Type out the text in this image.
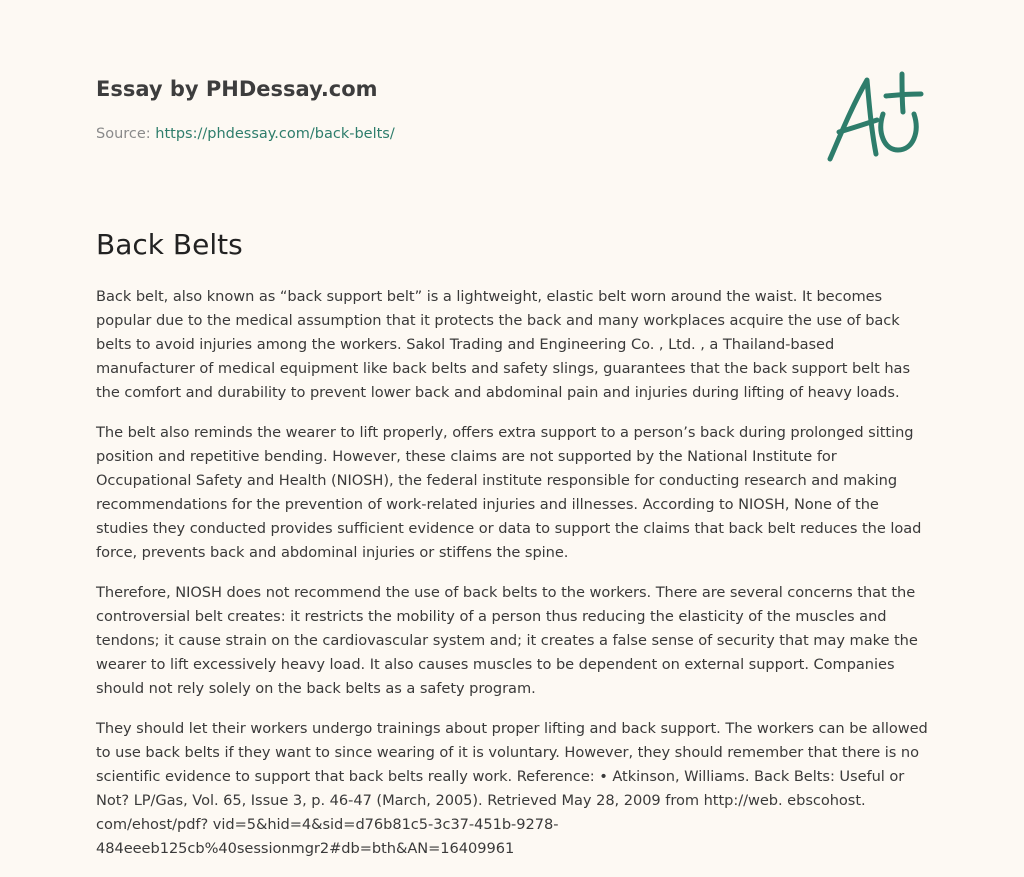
Essay by PHDessay.com
Source: https://phdessay.com/back-belts/
Back Belts

Back belt, also known as “back support belt” is a lightweight, elastic belt worn around the waist. It becomes popular due to the medical assumption that it protects the back and many workplaces acquire the use of back belts to avoid injuries among the workers. Sakol Trading and Engineering Co. , Ltd. , a Thailand-based manufacturer of medical equipment like back belts and safety slings, guarantees that the back support belt has the comfort and durability to prevent lower back and abdominal pain and injuries during lifting of heavy loads.

The belt also reminds the wearer to lift properly, offers extra support to a person’s back during prolonged sitting position and repetitive bending. However, these claims are not supported by the National Institute for Occupational Safety and Health (NIOSH), the federal institute responsible for conducting research and making recommendations for the prevention of work-related injuries and illnesses. According to NIOSH, None of the studies they conducted provides sufficient evidence or data to support the claims that back belt reduces the load force, prevents back and abdominal injuries or stiffens the spine.

Therefore, NIOSH does not recommend the use of back belts to the workers. There are several concerns that the controversial belt creates: it restricts the mobility of a person thus reducing the elasticity of the muscles and tendons; it cause strain on the cardiovascular system and; it creates a false sense of security that may make the wearer to lift excessively heavy load. It also causes muscles to be dependent on external support. Companies should not rely solely on the back belts as a safety program.

They should let their workers undergo trainings about proper lifting and back support. The workers can be allowed to use back belts if they want to since wearing of it is voluntary. However, they should remember that there is no scientific evidence to support that back belts really work. Reference: • Atkinson, Williams. Back Belts: Useful or Not? LP/Gas, Vol. 65, Issue 3, p. 46-47 (March, 2005). Retrieved May 28, 2009 from http://web. ebscohost. com/ehost/pdf? vid=5&hid=4&sid=d76b81c5-3c37-451b-9278-484eeeb125cb%40sessionmgr2#db=bth&AN=16409961
